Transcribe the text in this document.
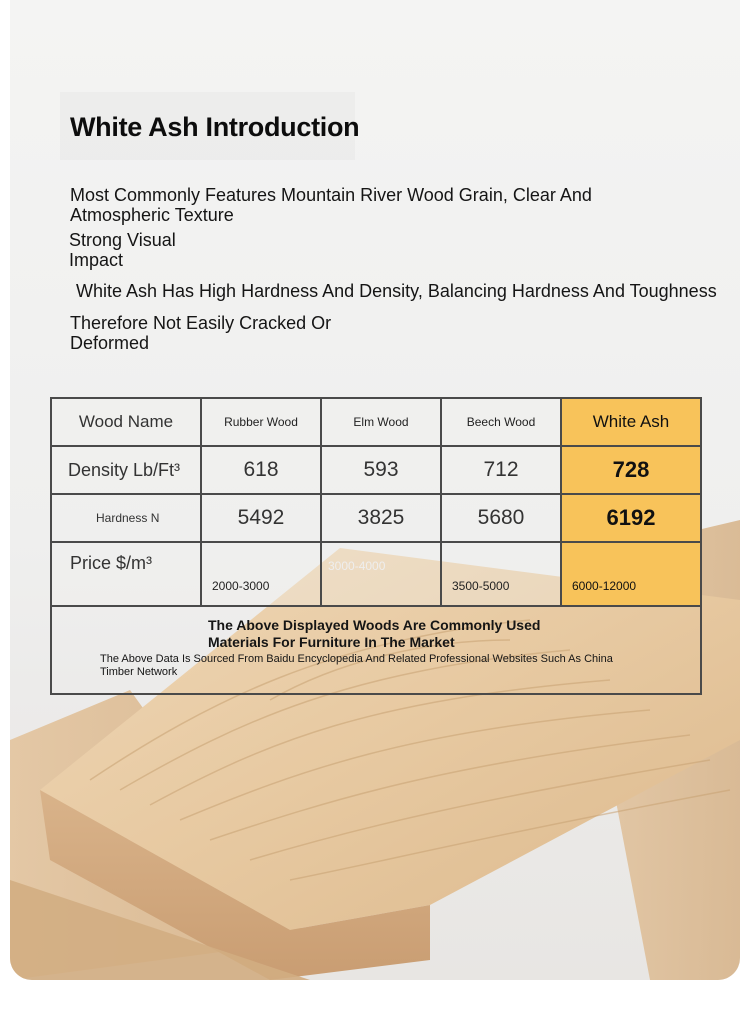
White Ash Introduction

Most Commonly Features Mountain River Wood Grain, Clear And Atmospheric Texture

Strong Visual Impact

White Ash Has High Hardness And Density, Balancing Hardness And Toughness

Therefore Not Easily Cracked Or Deformed

Wood Name	Rubber Wood	Elm Wood	Beech Wood	White Ash
Density Lb/Ft³	618	593	712	728
Hardness N	5492	3825	5680	6192
Price $/m³	2000-3000	3000-4000	3500-5000	6000-12000

The Above Displayed Woods Are Commonly Used Materials For Furniture In The Market
The Above Data Is Sourced From Baidu Encyclopedia And Related Professional Websites Such As China Timber Network				
